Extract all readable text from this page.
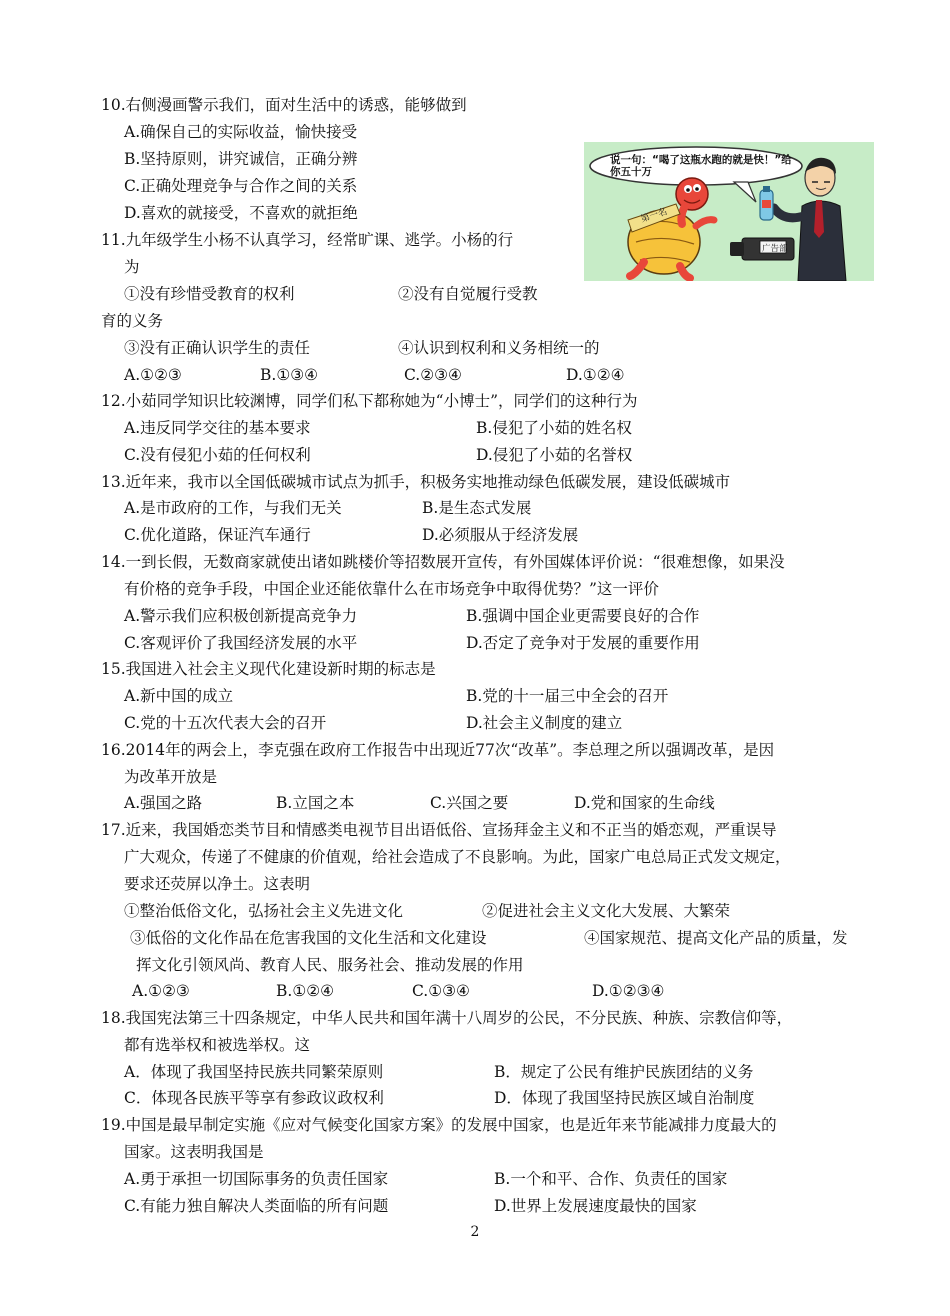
10.右侧漫画警示我们，面对生活中的诱惑，能够做到
A.确保自己的实际收益，愉快接受
B.坚持原则，讲究诚信，正确分辨
C.正确处理竞争与合作之间的关系
D.喜欢的就接受，不喜欢的就拒绝
11.九年级学生小杨不认真学习，经常旷课、逃学。小杨的行
为
①没有珍惜受教育的权利	②没有自觉履行受教
育的义务
③没有正确认识学生的责任	④认识到权利和义务相统一的
A.①②③	B.①③④	C.②③④	D.①②④
12.小茹同学知识比较渊博，同学们私下都称她为“小博士”，同学们的这种行为
A.违反同学交往的基本要求	B.侵犯了小茹的姓名权
C.没有侵犯小茹的任何权利	D.侵犯了小茹的名誉权
13.近年来，我市以全国低碳城市试点为抓手，积极务实地推动绿色低碳发展，建设低碳城市
A.是市政府的工作，与我们无关	B.是生态式发展
C.优化道路，保证汽车通行	D.必须服从于经济发展
14.一到长假，无数商家就使出诸如跳楼价等招数展开宣传，有外国媒体评价说：“很难想像，如果没
有价格的竞争手段，中国企业还能依靠什么在市场竞争中取得优势？”这一评价
A.警示我们应积极创新提高竞争力	B.强调中国企业更需要良好的合作
C.客观评价了我国经济发展的水平	D.否定了竞争对于发展的重要作用
15.我国进入社会主义现代化建设新时期的标志是
A.新中国的成立	B.党的十一届三中全会的召开
C.党的十五次代表大会的召开	D.社会主义制度的建立
16.2014年的两会上，李克强在政府工作报告中出现近77次“改革”。李总理之所以强调改革，是因
为改革开放是
A.强国之路	B.立国之本	C.兴国之要	D.党和国家的生命线
17.近来，我国婚恋类节目和情感类电视节目出语低俗、宣扬拜金主义和不正当的婚恋观，严重误导
广大观众，传递了不健康的价值观，给社会造成了不良影响。为此，国家广电总局正式发文规定，
要求还荧屏以净土。这表明
①整治低俗文化，弘扬社会主义先进文化	②促进社会主义文化大发展、大繁荣
③低俗的文化作品在危害我国的文化生活和文化建设	④国家规范、提高文化产品的质量，发
挥文化引领风尚、教育人民、服务社会、推动发展的作用
A.①②③	B.①②④	C.①③④	D.①②③④
18.我国宪法第三十四条规定，中华人民共和国年满十八周岁的公民，不分民族、种族、宗教信仰等，
都有选举权和被选举权。这
A．体现了我国坚持民族共同繁荣原则	B．规定了公民有维护民族团结的义务
C．体现各民族平等享有参政议政权利	D．体现了我国坚持民族区域自治制度
19.中国是最早制定实施《应对气候变化国家方案》的发展中国家，也是近年来节能减排力度最大的
国家。这表明我国是
A.勇于承担一切国际事务的负责任国家	B.一个和平、合作、负责任的国家
C.有能力独自解决人类面临的所有问题	D.世界上发展速度最快的国家
2
第一名
广告部
说一句：“喝了这瓶水跑的就是快！”给你五十万
